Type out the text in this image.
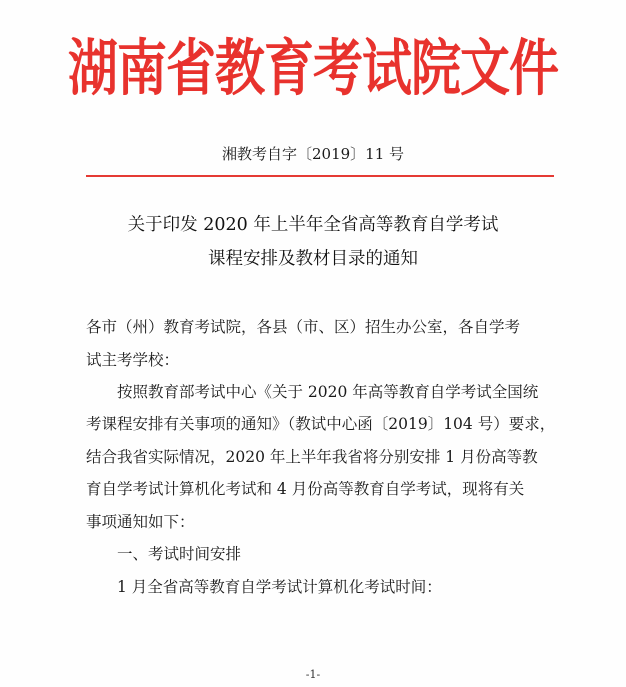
湖南省教育考试院文件
湘教考自字〔2019〕11 号
关于印发 2020 年上半年全省高等教育自学考试
课程安排及教材目录的通知
各市（州）教育考试院，各县（市、区）招生办公室，各自学考
试主考学校：
按照教育部考试中心《关于 2020 年高等教育自学考试全国统
考课程安排有关事项的通知》（教试中心函〔2019〕104 号）要求，
结合我省实际情况，2020 年上半年我省将分别安排 1 月份高等教
育自学考试计算机化考试和 4 月份高等教育自学考试，现将有关
事项通知如下：
一、考试时间安排
1 月全省高等教育自学考试计算机化考试时间：
-1-
